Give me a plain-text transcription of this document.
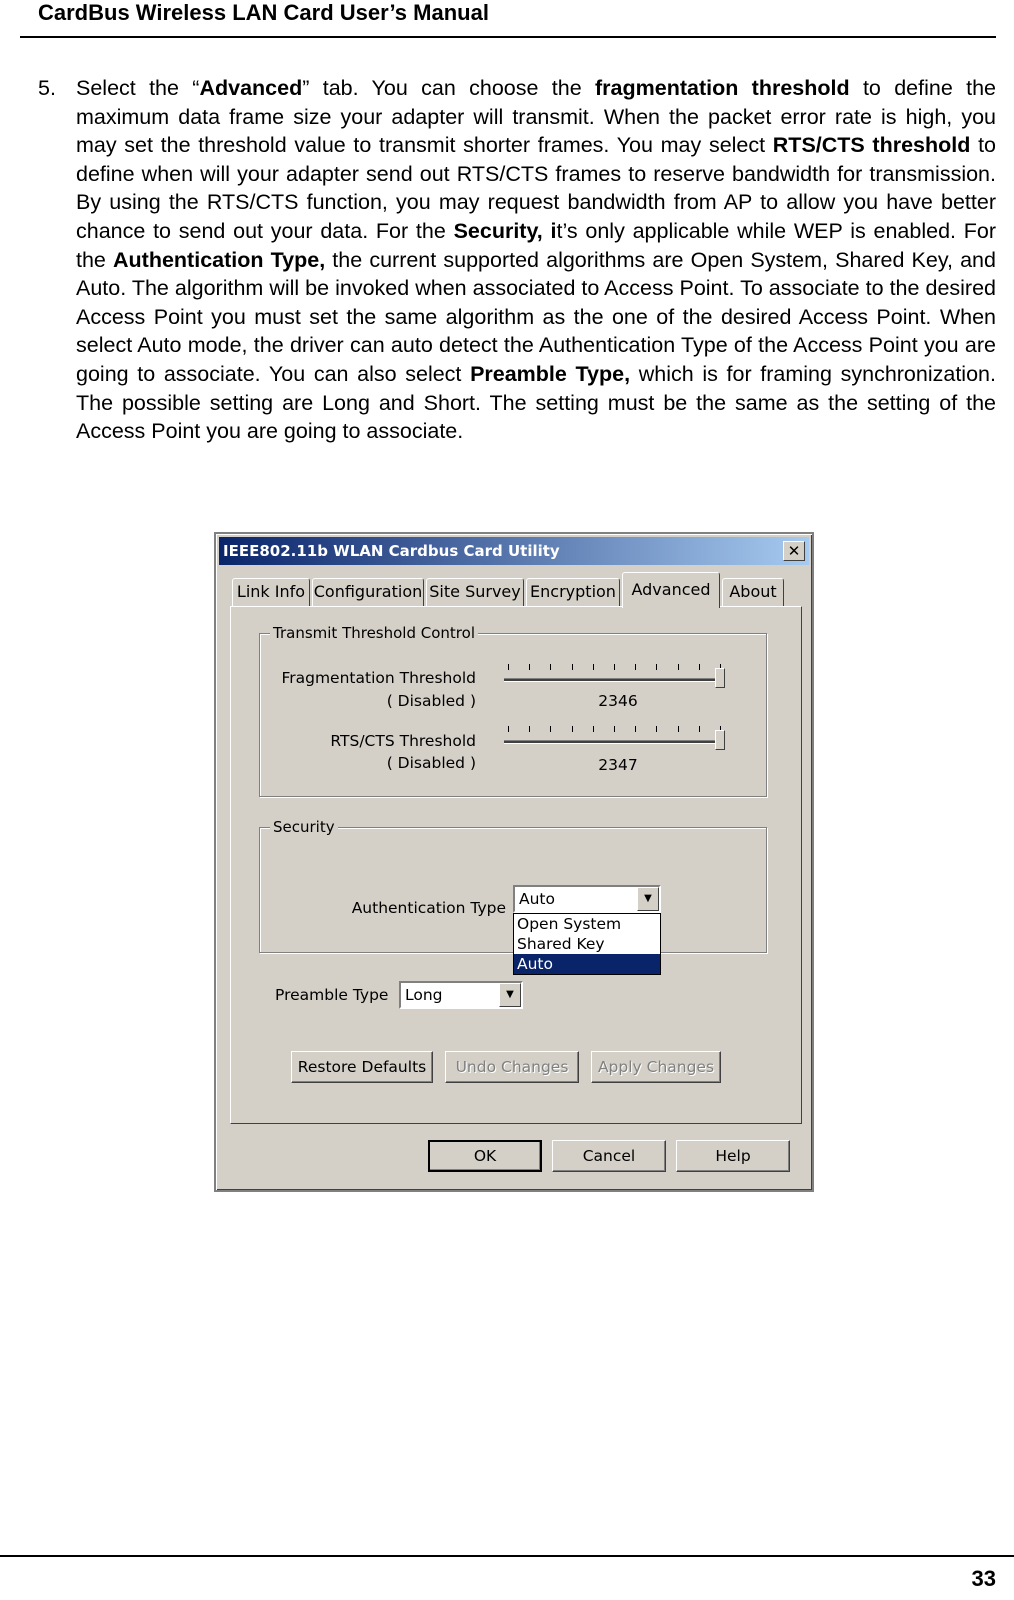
CardBus Wireless LAN Card User’s Manual
5. Select the “Advanced” tab. You can choose the fragmentation threshold to define the maximum data frame size your adapter will transmit. When the packet error rate is high, you may set the threshold value to transmit shorter frames. You may select RTS/CTS threshold to define when will your adapter send out RTS/CTS frames to reserve bandwidth for transmission. By using the RTS/CTS function, you may request bandwidth from AP to allow you have better chance to send out your data. For the Security, it’s only applicable while WEP is enabled. For the Authentication Type, the current supported algorithms are Open System, Shared Key, and Auto. The algorithm will be invoked when associated to Access Point. To associate to the desired Access Point you must set the same algorithm as the one of the desired Access Point. When select Auto mode, the driver can auto detect the Authentication Type of the Access Point you are going to associate. You can also select Preamble Type, which is for framing synchronization. The possible setting are Long and Short. The setting must be the same as the setting of the Access Point you are going to associate.
IEEE802.11b WLAN Cardbus Card Utility	✕
Link Info Configuration Site Survey Encryption Advanced	About
Transmit Threshold Control
Fragmentation Threshold
( Disabled )	2346
RTS/CTS Threshold
( Disabled )	2347
Security
Authentication Type Auto	▼
Open System
Shared Key
Auto
Preamble Type	Long	▼
Restore Defaults	Undo Changes	Apply Changes
OK	Cancel	Help
33
